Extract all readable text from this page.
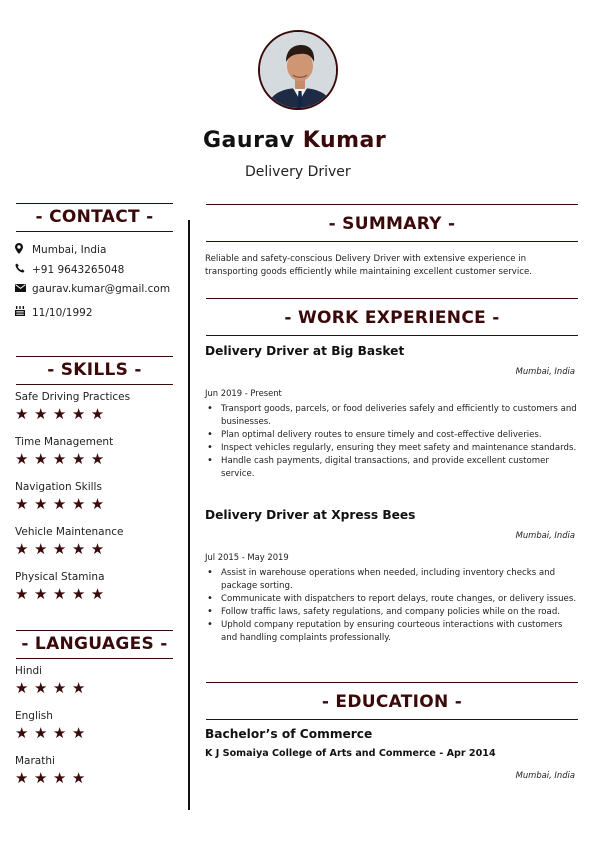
Gaurav Kumar
Delivery Driver
- CONTACT -
Mumbai, India
+91 9643265048
gaurav.kumar@gmail.com
11/10/1992
- SKILLS -
Safe Driving Practices
★★★★★
Time Management
★★★★★
Navigation Skills
★★★★★
Vehicle Maintenance
★★★★★
Physical Stamina
★★★★★
- LANGUAGES -
Hindi
★★★★
English
★★★★
Marathi
★★★★
- SUMMARY -
Reliable and safety-conscious Delivery Driver with extensive experience in transporting goods efficiently while maintaining excellent customer service.
- WORK EXPERIENCE -
Delivery Driver at Big Basket
Mumbai, India
Jun 2019 - Present
• Transport goods, parcels, or food deliveries safely and efficiently to customers and businesses.
• Plan optimal delivery routes to ensure timely and cost-effective deliveries.
• Inspect vehicles regularly, ensuring they meet safety and maintenance standards.
• Handle cash payments, digital transactions, and provide excellent customer service.
Delivery Driver at Xpress Bees
Mumbai, India
Jul 2015 - May 2019
• Assist in warehouse operations when needed, including inventory checks and package sorting.
• Communicate with dispatchers to report delays, route changes, or delivery issues.
• Follow traffic laws, safety regulations, and company policies while on the road.
• Uphold company reputation by ensuring courteous interactions with customers and handling complaints professionally.
- EDUCATION -
Bachelor’s of Commerce
K J Somaiya College of Arts and Commerce - Apr 2014
Mumbai, India
